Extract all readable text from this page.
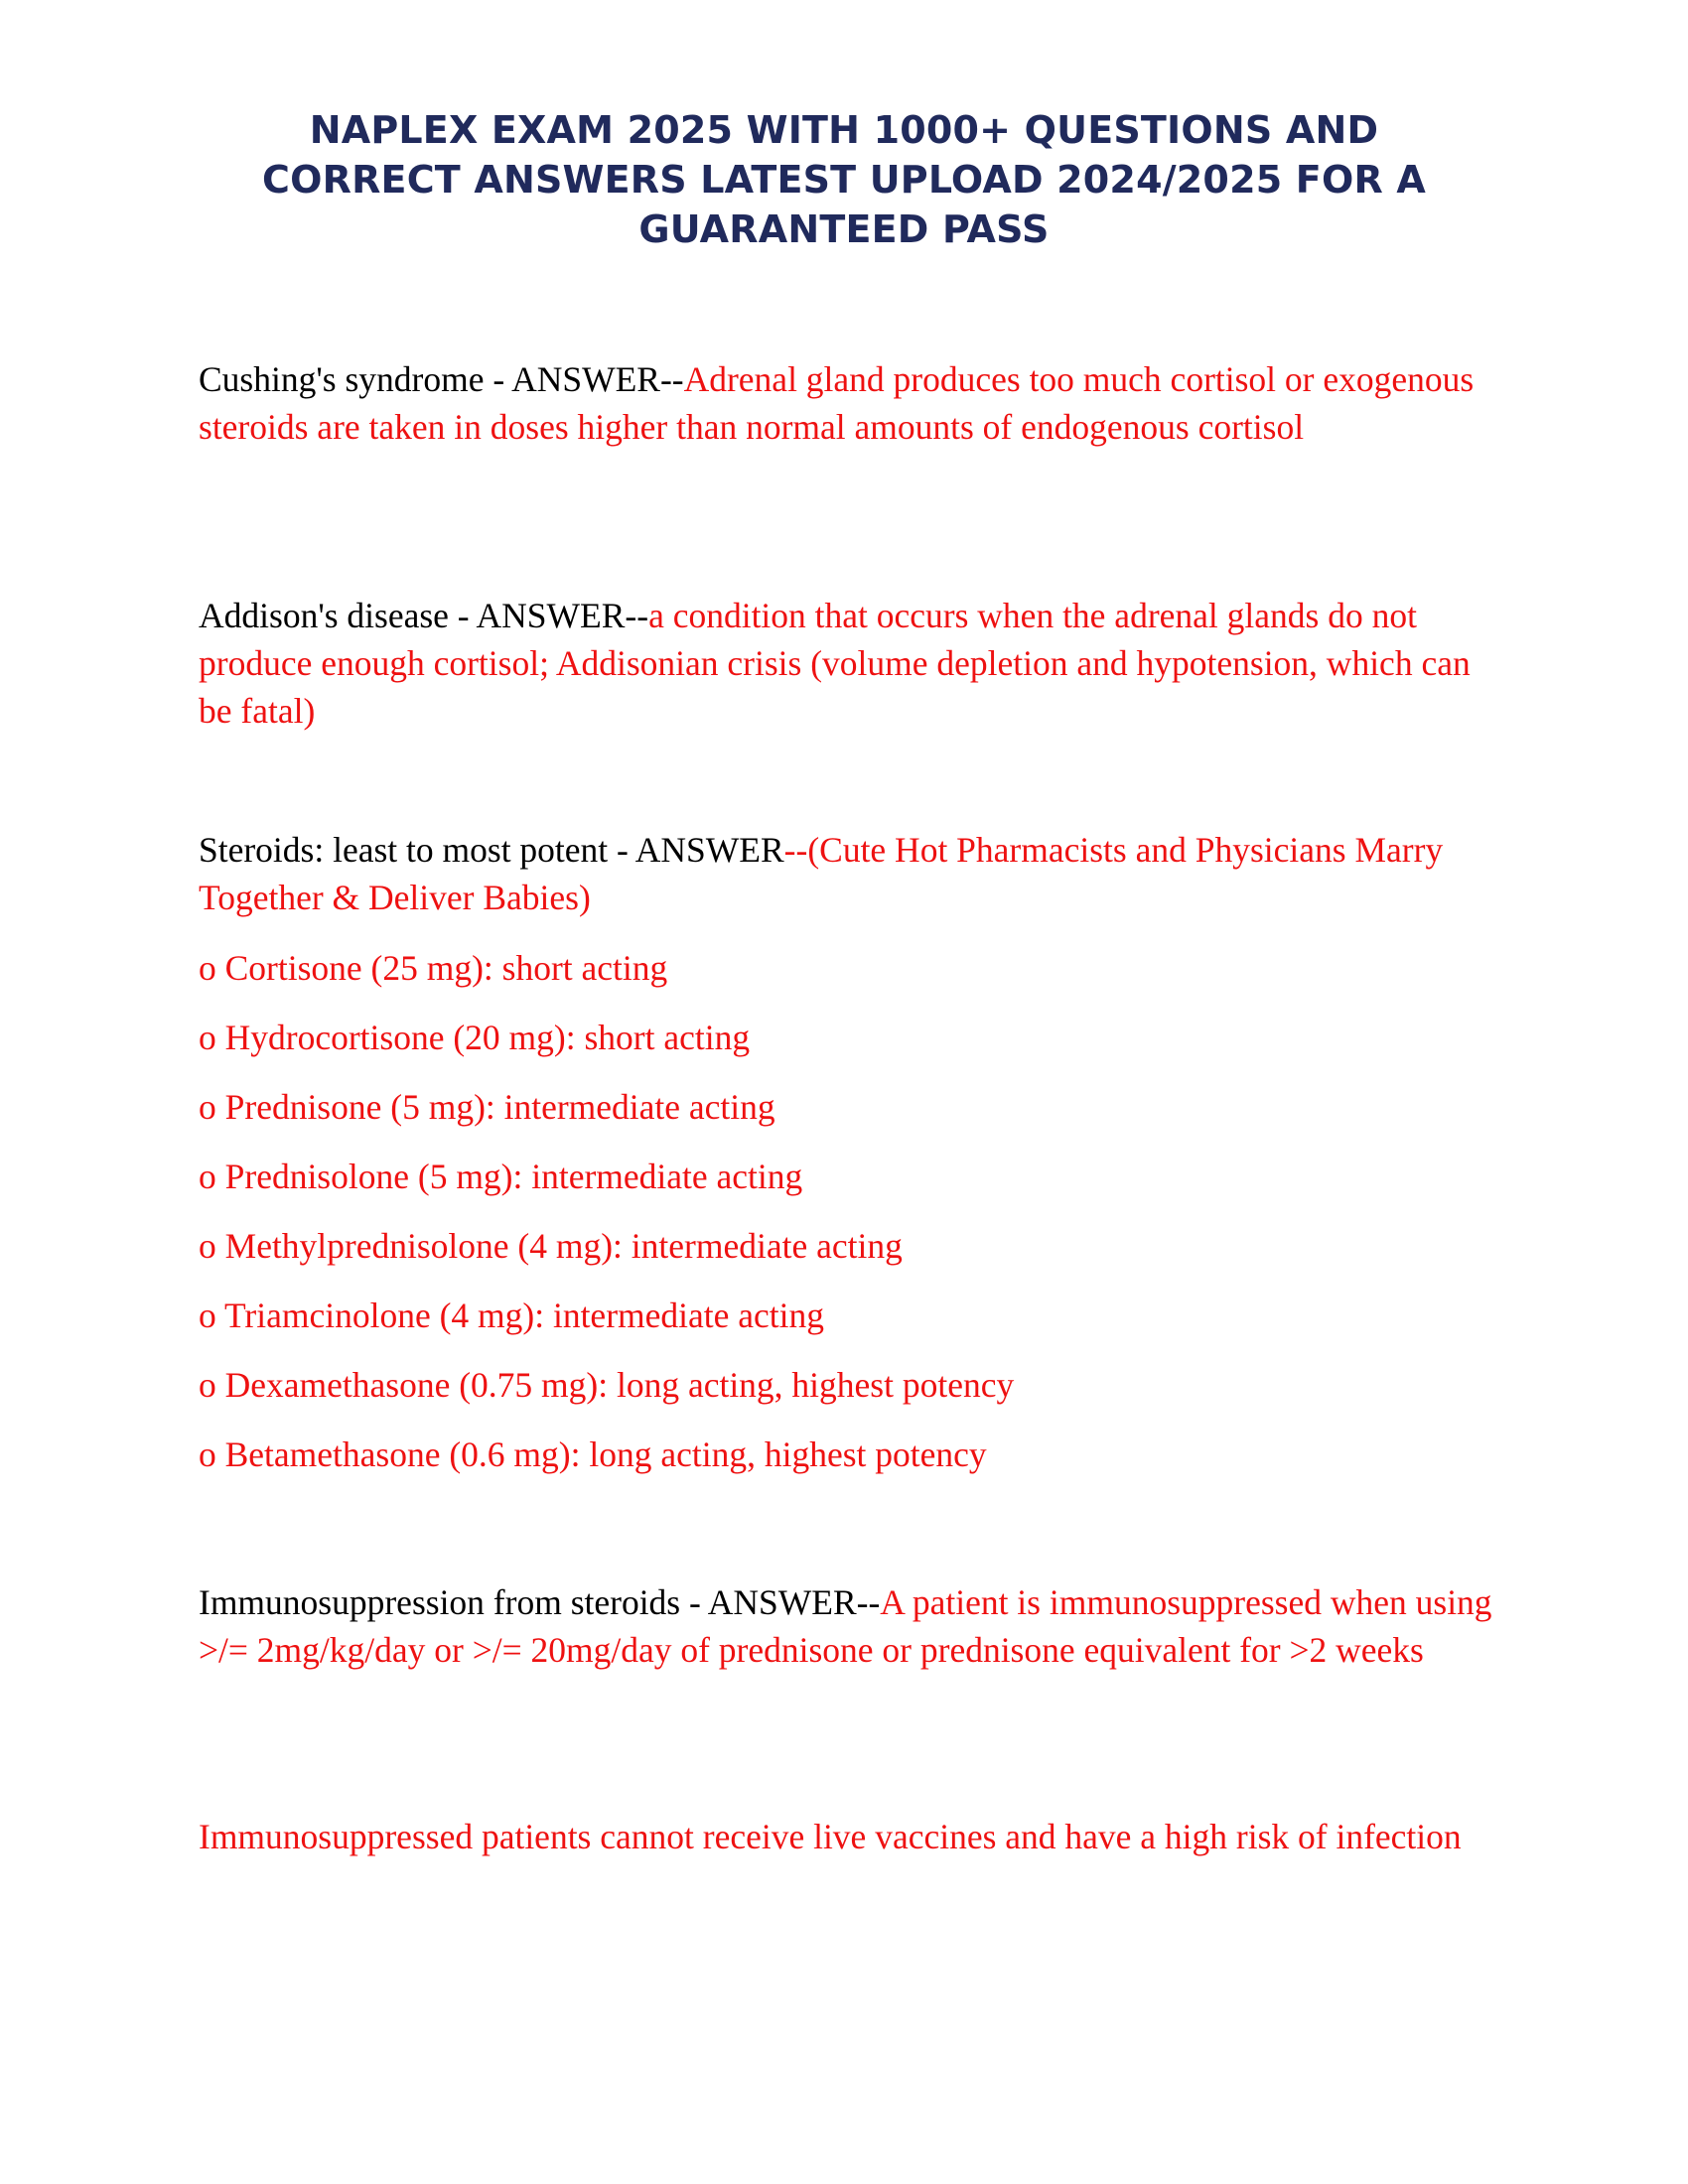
NAPLEX EXAM 2025 WITH 1000+ QUESTIONS AND
CORRECT ANSWERS LATEST UPLOAD 2024/2025 FOR A
GUARANTEED PASS

Cushing's syndrome - ANSWER--Adrenal gland produces too much cortisol or exogenous steroids are taken in doses higher than normal amounts of endogenous cortisol

Addison's disease - ANSWER--a condition that occurs when the adrenal glands do not produce enough cortisol; Addisonian crisis (volume depletion and hypotension, which can be fatal)

Steroids: least to most potent - ANSWER--(Cute Hot Pharmacists and Physicians Marry Together & Deliver Babies)

o Cortisone (25 mg): short acting

o Hydrocortisone (20 mg): short acting

o Prednisone (5 mg): intermediate acting

o Prednisolone (5 mg): intermediate acting

o Methylprednisolone (4 mg): intermediate acting

o Triamcinolone (4 mg): intermediate acting

o Dexamethasone (0.75 mg): long acting, highest potency

o Betamethasone (0.6 mg): long acting, highest potency

Immunosuppression from steroids - ANSWER--A patient is immunosuppressed when using >/= 2mg/kg/day or >/= 20mg/day of prednisone or prednisone equivalent for >2 weeks

Immunosuppressed patients cannot receive live vaccines and have a high risk of infection
